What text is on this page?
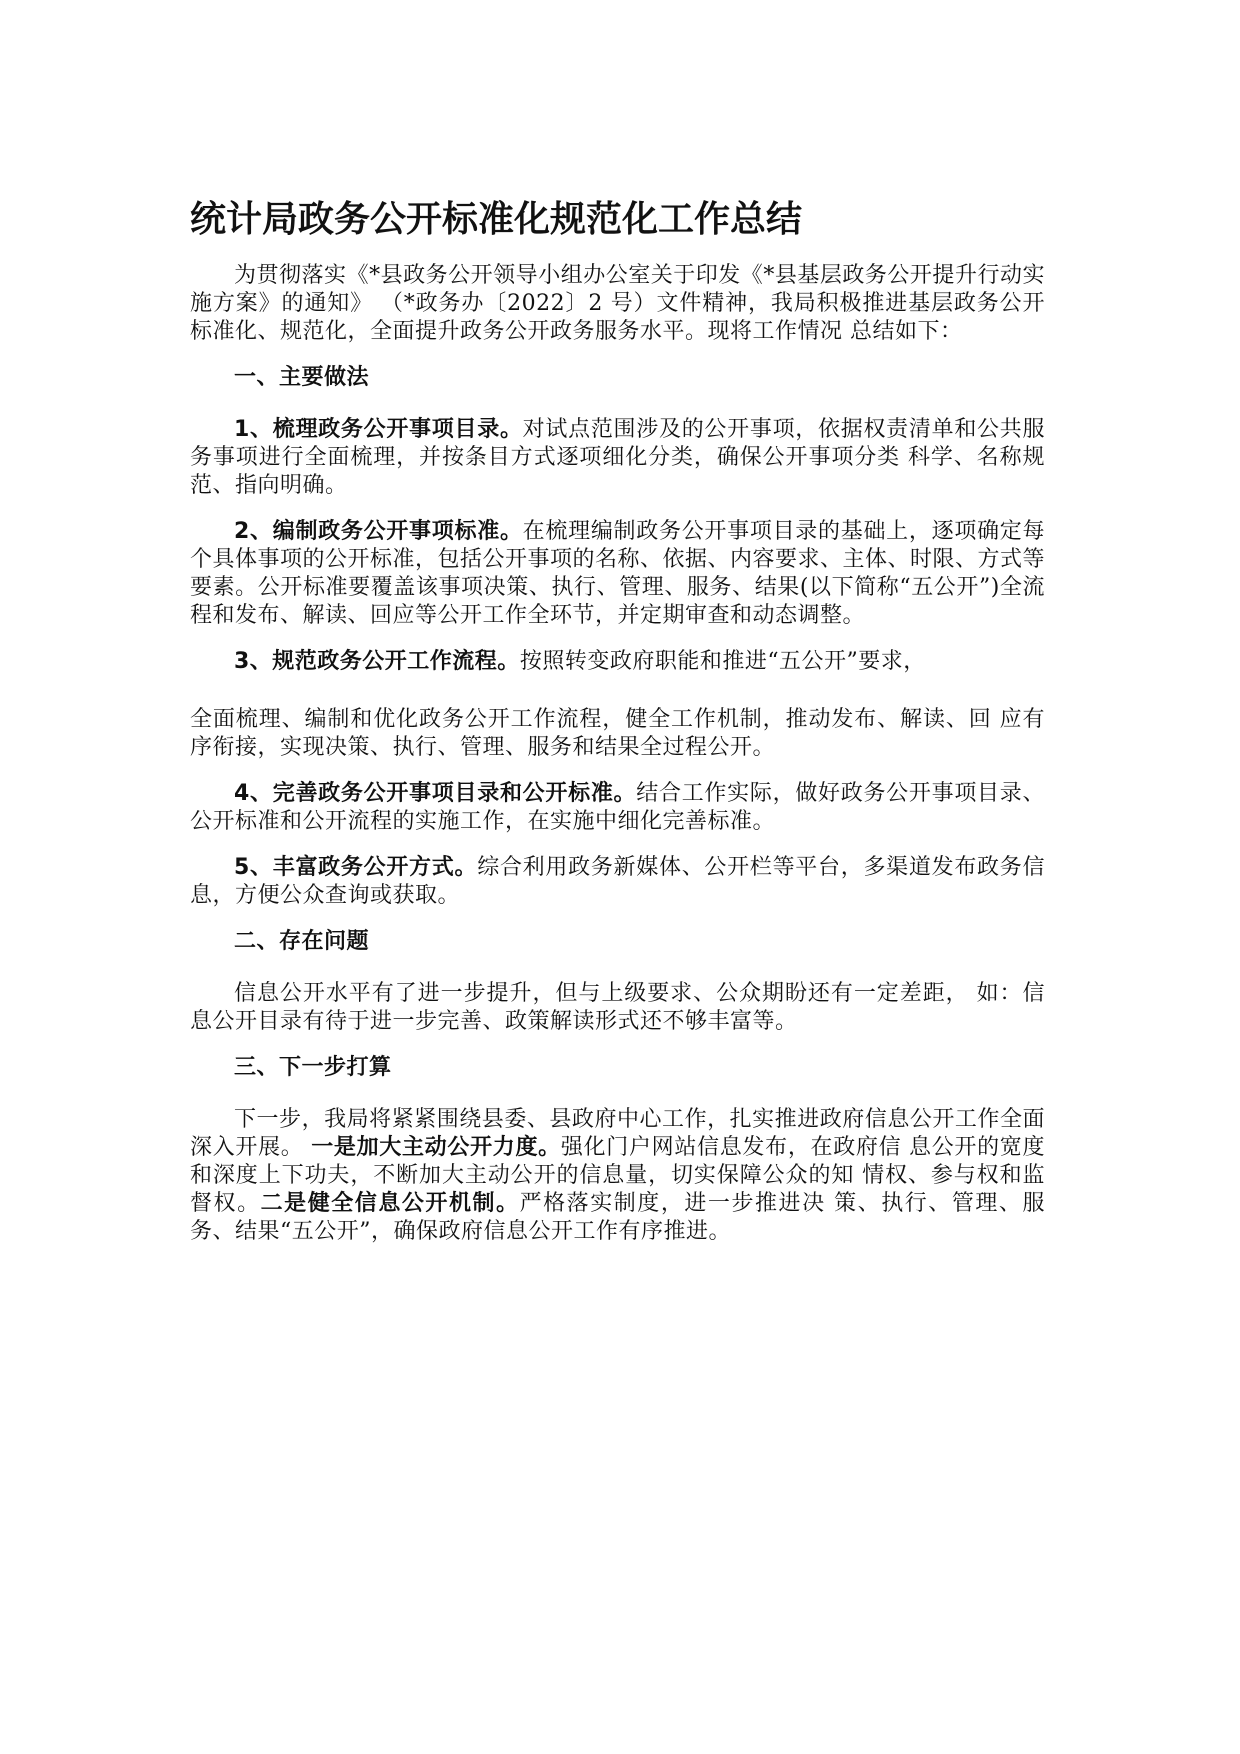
统计局政务公开标准化规范化工作总结

为贯彻落实《*县政务公开领导小组办公室关于印发《*县基层政务公开提升行动实施方案》的通知》 （*政务办〔2022〕2 号）文件精神，我局积极推进基层政务公开标准化、规范化，全面提升政务公开政务服务水平。现将工作情况 总结如下：

一、主要做法

1、梳理政务公开事项目录。对试点范围涉及的公开事项，依据权责清单和公共服务事项进行全面梳理，并按条目方式逐项细化分类，确保公开事项分类 科学、名称规范、指向明确。

2、编制政务公开事项标准。在梳理编制政务公开事项目录的基础上，逐项确定每个具体事项的公开标准，包括公开事项的名称、依据、内容要求、主体、时限、方式等要素。公开标准要覆盖该事项决策、执行、管理、服务、结果(以下简称“五公开”)全流程和发布、解读、回应等公开工作全环节，并定期审查和动态调整。

3、规范政务公开工作流程。按照转变政府职能和推进“五公开”要求，

全面梳理、编制和优化政务公开工作流程，健全工作机制，推动发布、解读、回 应有序衔接，实现决策、执行、管理、服务和结果全过程公开。

4、完善政务公开事项目录和公开标准。结合工作实际，做好政务公开事项目录、公开标准和公开流程的实施工作，在实施中细化完善标准。

5、丰富政务公开方式。综合利用政务新媒体、公开栏等平台，多渠道发布政务信息，方便公众查询或获取。

二、存在问题

信息公开水平有了进一步提升，但与上级要求、公众期盼还有一定差距， 如：信息公开目录有待于进一步完善、政策解读形式还不够丰富等。

三、下一步打算

下一步，我局将紧紧围绕县委、县政府中心工作，扎实推进政府信息公开工作全面深入开展。 一是加大主动公开力度。强化门户网站信息发布，在政府信 息公开的宽度和深度上下功夫，不断加大主动公开的信息量，切实保障公众的知 情权、参与权和监督权。二是健全信息公开机制。严格落实制度，进一步推进决 策、执行、管理、服务、结果“五公开”，确保政府信息公开工作有序推进。
